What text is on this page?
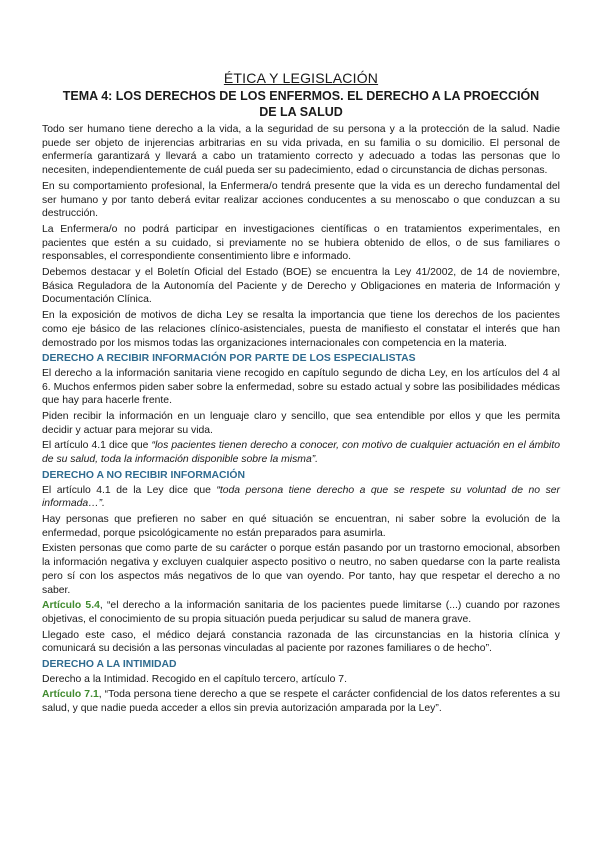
ÉTICA Y LEGISLACIÓN
TEMA 4: LOS DERECHOS DE LOS ENFERMOS. EL DERECHO A LA PROECCIÓN DE LA SALUD

Todo ser humano tiene derecho a la vida, a la seguridad de su persona y a la protección de la salud. Nadie puede ser objeto de injerencias arbitrarias en su vida privada, en su familia o su domicilio. El personal de enfermería garantizará y llevará a cabo un tratamiento correcto y adecuado a todas las personas que lo necesiten, independientemente de cuál pueda ser su padecimiento, edad o circunstancia de dichas personas.

En su comportamiento profesional, la Enfermera/o tendrá presente que la vida es un derecho fundamental del ser humano y por tanto deberá evitar realizar acciones conducentes a su menoscabo o que conduzcan a su destrucción.

La Enfermera/o no podrá participar en investigaciones científicas o en tratamientos experimentales, en pacientes que estén a su cuidado, si previamente no se hubiera obtenido de ellos, o de sus familiares o responsables, el correspondiente consentimiento libre e informado.

Debemos destacar y el Boletín Oficial del Estado (BOE) se encuentra la Ley 41/2002, de 14 de noviembre, Básica Reguladora de la Autonomía del Paciente y de Derecho y Obligaciones en materia de Información y Documentación Clínica.

En la exposición de motivos de dicha Ley se resalta la importancia que tiene los derechos de los pacientes como eje básico de las relaciones clínico-asistenciales, puesta de manifiesto el constatar el interés que han demostrado por los mismos todas las organizaciones internacionales con competencia en la materia.

DERECHO A RECIBIR INFORMACIÓN POR PARTE DE LOS ESPECIALISTAS

El derecho a la información sanitaria viene recogido en capítulo segundo de dicha Ley, en los artículos del 4 al 6. Muchos enfermos piden saber sobre la enfermedad, sobre su estado actual y sobre las posibilidades médicas que hay para hacerle frente.

Piden recibir la información en un lenguaje claro y sencillo, que sea entendible por ellos y que les permita decidir y actuar para mejorar su vida.

El artículo 4.1 dice que “los pacientes tienen derecho a conocer, con motivo de cualquier actuación en el ámbito de su salud, toda la información disponible sobre la misma”.

DERECHO A NO RECIBIR INFORMACIÓN

El artículo 4.1 de la Ley dice que “toda persona tiene derecho a que se respete su voluntad de no ser informada…”.

Hay personas que prefieren no saber en qué situación se encuentran, ni saber sobre la evolución de la enfermedad, porque psicológicamente no están preparados para asumirla.

Existen personas que como parte de su carácter o porque están pasando por un trastorno emocional, absorben la información negativa y excluyen cualquier aspecto positivo o neutro, no saben quedarse con la parte realista pero sí con los aspectos más negativos de lo que van oyendo. Por tanto, hay que respetar el derecho a no saber.

Artículo 5.4, “el derecho a la información sanitaria de los pacientes puede limitarse (...) cuando por razones objetivas, el conocimiento de su propia situación pueda perjudicar su salud de manera grave.

Llegado este caso, el médico dejará constancia razonada de las circunstancias en la historia clínica y comunicará su decisión a las personas vinculadas al paciente por razones familiares o de hecho”.

DERECHO A LA INTIMIDAD

Derecho a la Intimidad. Recogido en el capítulo tercero, artículo 7.

Artículo 7.1, “Toda persona tiene derecho a que se respete el carácter confidencial de los datos referentes a su salud, y que nadie pueda acceder a ellos sin previa autorización amparada por la Ley”.
